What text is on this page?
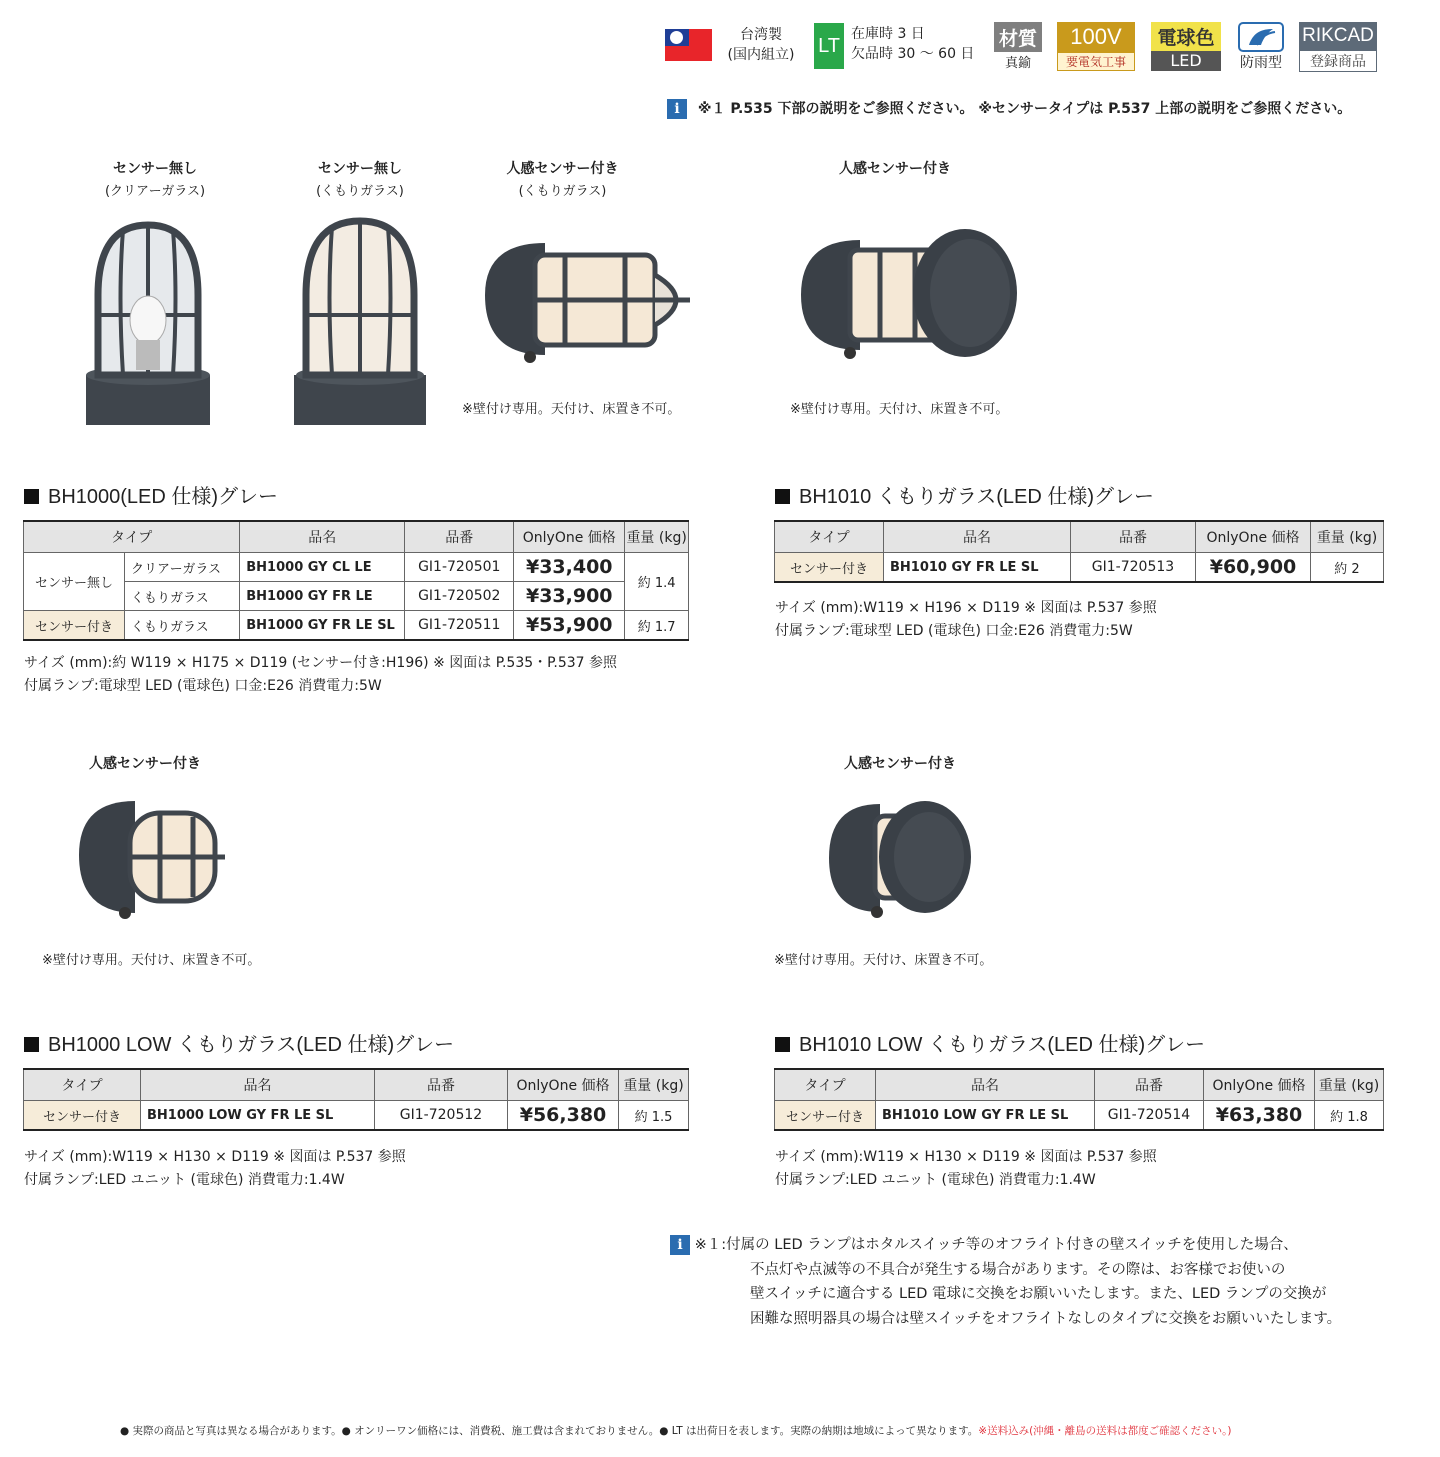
台湾製
(国内組立)	LT
在庫時 3 日
欠品時 30 〜 60 日
材質
真鍮
100V
要電気工事
電球色
LED	防雨型
RIKCAD
登録商品
i ※１ P.535 下部の説明をご参照ください。 ※センサータイプは P.537 上部の説明をご参照ください。
センサー無し
(クリアーガラス)
センサー無し
(くもりガラス)
人感センサー付き
(くもりガラス)
※壁付け専用。天付け、床置き不可。
人感センサー付き
※壁付け専用。天付け、床置き不可。
BH1000(LED 仕様)グレー
タイプ		品名	品番	OnlyOne 価格	重量 (kg)
センサー無し	クリアーガラス	BH1000 GY CL LE	GI1-720501	¥33,400	約 1.4
	くもりガラス	BH1000 GY FR LE	GI1-720502	¥33,900	
センサー付き	くもりガラス	BH1000 GY FR LE SL	GI1-720511	¥53,900	約 1.7
サイズ (mm):約 W119 × H175 × D119 (センサー付き:H196) ※ 図面は P.535・P.537 参照
付属ランプ:電球型 LED (電球色) 口金:E26 消費電力:5W
BH1010 くもりガラス(LED 仕様)グレー
タイプ	品名	品番	OnlyOne 価格	重量 (kg)
センサー付き	BH1010 GY FR LE SL	GI1-720513	¥60,900	約 2
サイズ (mm):W119 × H196 × D119 ※ 図面は P.537 参照
付属ランプ:電球型 LED (電球色) 口金:E26 消費電力:5W
人感センサー付き
※壁付け専用。天付け、床置き不可。
人感センサー付き
※壁付け専用。天付け、床置き不可。
BH1000 LOW くもりガラス(LED 仕様)グレー
タイプ	品名	品番	OnlyOne 価格	重量 (kg)
センサー付き	BH1000 LOW GY FR LE SL	GI1-720512	¥56,380	約 1.5
サイズ (mm):W119 × H130 × D119 ※ 図面は P.537 参照
付属ランプ:LED ユニット (電球色) 消費電力:1.4W
BH1010 LOW くもりガラス(LED 仕様)グレー
タイプ	品名	品番	OnlyOne 価格	重量 (kg)
センサー付き	BH1010 LOW GY FR LE SL	GI1-720514	¥63,380	約 1.8
サイズ (mm):W119 × H130 × D119 ※ 図面は P.537 参照
付属ランプ:LED ユニット (電球色) 消費電力:1.4W
i ※１:付属の LED ランプはホタルスイッチ等のオフライト付きの壁スイッチを使用した場合、
不点灯や点滅等の不具合が発生する場合があります。その際は、お客様でお使いの
壁スイッチに適合する LED 電球に交換をお願いいたします。また、LED ランプの交換が
困難な照明器具の場合は壁スイッチをオフライトなしのタイプに交換をお願いいたします。
● 実際の商品と写真は異なる場合があります。● オンリーワン価格には、消費税、施工費は含まれておりません。● LT は出荷日を表します。実際の納期は地域によって異なります。※送料込み(沖縄・離島の送料は都度ご確認ください。)
